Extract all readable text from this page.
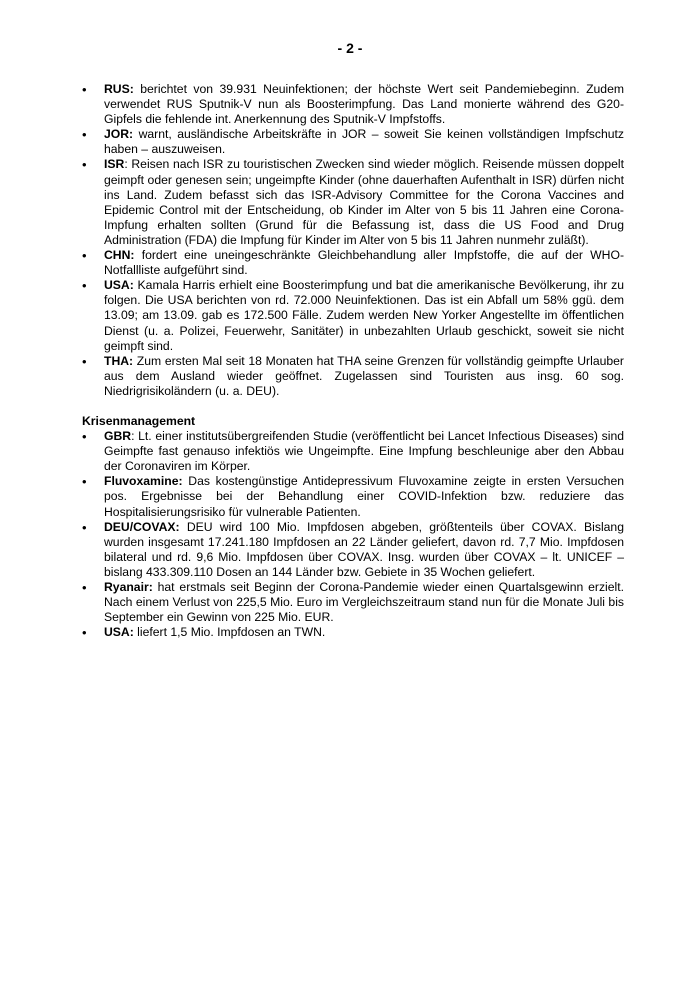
- 2 -
• RUS: berichtet von 39.931 Neuinfektionen; der höchste Wert seit Pandemiebeginn. Zudem verwendet RUS Sputnik-V nun als Boosterimpfung. Das Land monierte während des G20-Gipfels die fehlende int. Anerkennung des Sputnik-V Impfstoffs.
• JOR: warnt, ausländische Arbeitskräfte in JOR – soweit Sie keinen vollständigen Impfschutz haben – auszuweisen.
• ISR: Reisen nach ISR zu touristischen Zwecken sind wieder möglich. Reisende müssen doppelt geimpft oder genesen sein; ungeimpfte Kinder (ohne dauerhaften Aufenthalt in ISR) dürfen nicht ins Land. Zudem befasst sich das ISR-Advisory Committee for the Corona Vaccines and Epidemic Control mit der Entscheidung, ob Kinder im Alter von 5 bis 11 Jahren eine Corona-Impfung erhalten sollten (Grund für die Befassung ist, dass die US Food and Drug Administration (FDA) die Impfung für Kinder im Alter von 5 bis 11 Jahren nunmehr zuläßt).
• CHN: fordert eine uneingeschränkte Gleichbehandlung aller Impfstoffe, die auf der WHO-Notfallliste aufgeführt sind.
• USA: Kamala Harris erhielt eine Boosterimpfung und bat die amerikanische Bevölkerung, ihr zu folgen. Die USA berichten von rd. 72.000 Neuinfektionen. Das ist ein Abfall um 58% ggü. dem 13.09; am 13.09. gab es 172.500 Fälle. Zudem werden New Yorker Angestellte im öffentlichen Dienst (u. a. Polizei, Feuerwehr, Sanitäter) in unbezahlten Urlaub geschickt, soweit sie nicht geimpft sind.
• THA: Zum ersten Mal seit 18 Monaten hat THA seine Grenzen für vollständig geimpfte Urlauber aus dem Ausland wieder geöffnet. Zugelassen sind Touristen aus insg. 60 sog. Niedrigrisikoländern (u. a. DEU).
Krisenmanagement
• GBR: Lt. einer institutsübergreifenden Studie (veröffentlicht bei Lancet Infectious Diseases) sind Geimpfte fast genauso infektiös wie Ungeimpfte. Eine Impfung beschleunige aber den Abbau der Coronaviren im Körper.
• Fluvoxamine: Das kostengünstige Antidepressivum Fluvoxamine zeigte in ersten Versuchen pos. Ergebnisse bei der Behandlung einer COVID-Infektion bzw. reduziere das Hospitalisierungsrisiko für vulnerable Patienten.
• DEU/COVAX: DEU wird 100 Mio. Impfdosen abgeben, größtenteils über COVAX. Bislang wurden insgesamt 17.241.180 Impfdosen an 22 Länder geliefert, davon rd. 7,7 Mio. Impfdosen bilateral und rd. 9,6 Mio. Impfdosen über COVAX. Insg. wurden über COVAX – lt. UNICEF – bislang 433.309.110 Dosen an 144 Länder bzw. Gebiete in 35 Wochen geliefert.
• Ryanair: hat erstmals seit Beginn der Corona-Pandemie wieder einen Quartalsgewinn erzielt. Nach einem Verlust von 225,5 Mio. Euro im Vergleichszeitraum stand nun für die Monate Juli bis September ein Gewinn von 225 Mio. EUR.
• USA: liefert 1,5 Mio. Impfdosen an TWN.
